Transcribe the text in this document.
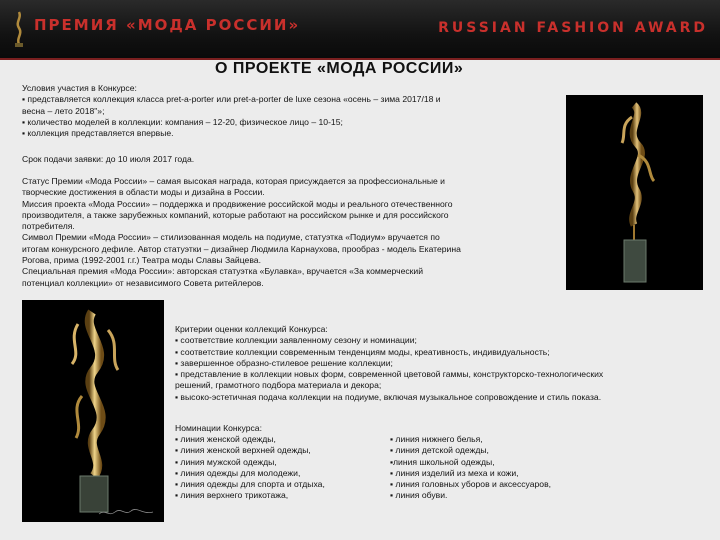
ПРЕМИЯ «МОДА РОССИИ»	RUSSIAN FASHION AWARD
О ПРОЕКТЕ «МОДА РОССИИ»

Условия участия в Конкурсе:

▪ представляется коллекция класса pret-a-porter или pret-a-porter de luxe сезона «осень – зима 2017/18 и

весна – лето 2018"»;

▪ количество моделей в коллекции: компания – 12-20, физическое лицо – 10-15;

▪ коллекция представляется впервые.

Срок подачи заявки: до 10 июля 2017 года.

Статус Премии «Мода России» – самая высокая награда, которая присуждается за профессиональные и

творческие достижения в области моды и дизайна в России.

Миссия проекта «Мода России» – поддержка и продвижение российской моды и реального отечественного

производителя, а также зарубежных компаний, которые работают на российском рынке и для российского

потребителя.

Символ Премии «Мода России» – стилизованная модель на подиуме, статуэтка «Подиум» вручается по

итогам конкурсного дефиле. Автор статуэтки – дизайнер Людмила Карнаухова, прообраз - модель Екатерина

Рогова, прима (1992-2001 г.г.) Театра моды Славы Зайцева.

Специальная премия «Мода России»: авторская статуэтка «Булавка», вручается «За коммерческий

потенциал коллекции» от независимого Совета ритейлеров.

Критерии оценки коллекций Конкурса:

▪ соответствие коллекции заявленному сезону и номинации;

▪ соответствие коллекции современным тенденциям моды, креативность, индивидуальность;

▪ завершенное образно-стилевое решение коллекции;

▪ представление в коллекции новых форм, современной цветовой гаммы, конструкторско-технологических

решений, грамотного подбора материала и декора;

▪ высоко-эстетичная подача коллекции на подиуме, включая музыкальное сопровождение и стиль показа.

Номинации Конкурса:

▪ линия женской одежды,

▪ линия женской верхней одежды,

▪ линия мужской одежды,

▪ линия одежды для молодежи,

▪ линия одежды для спорта и отдыха,

▪ линия верхнего трикотажа,

▪ линия нижнего белья,

▪ линия детской одежды,

▪линия школьной одежды,

▪ линия изделий из меха и кожи,

▪ линия головных уборов и аксессуаров,

▪ линия обуви.
